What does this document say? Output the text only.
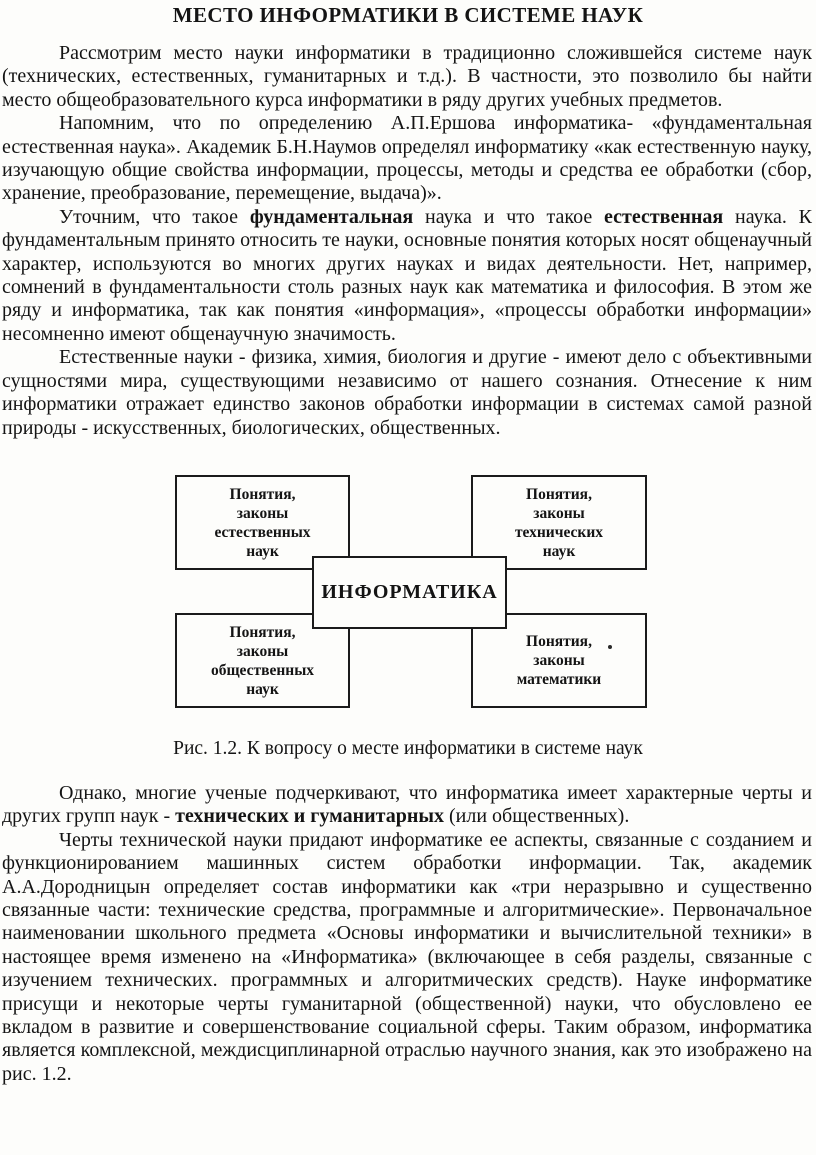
МЕСТО ИНФОРМАТИКИ В СИСТЕМЕ НАУК

Рассмотрим место науки информатики в традиционно сложившейся системе наук (технических, естественных, гуманитарных и т.д.). В частности, это позволило бы найти место общеобразовательного курса информатики в ряду других учебных предметов.

Напомним, что по определению А.П.Ершова информатика- «фундаментальная естественная наука». Академик Б.Н.Наумов определял информатику «как естественную науку, изучающую общие свойства информации, процессы, методы и средства ее обработки (сбор, хранение, преобразование, перемещение, выдача)».

Уточним, что такое фундаментальная наука и что такое естественная наука. К фундаментальным принято относить те науки, основные понятия которых носят общенаучный характер, используются во многих других науках и видах деятельности. Нет, например, сомнений в фундаментальности столь разных наук как математика и философия. В этом же ряду и информатика, так как понятия «информация», «процессы обработки информации» несомненно имеют общенаучную значимость.

Естественные науки - физика, химия, биология и другие - имеют дело с объективными сущностями мира, существующими независимо от нашего сознания. Отнесение к ним информатики отражает единство законов обработки информации в системах самой разной природы - искусственных, биологических, общественных.

Понятия,
законы
естественных
наук
Понятия,
законы
технических
наук
Понятия,
законы
общественных
наук
Понятия,
законы
математики
ИНФОРМАТИКА
Рис. 1.2. К вопросу о месте информатики в системе наук

Однако, многие ученые подчеркивают, что информатика имеет характерные черты и других групп наук - технических и гуманитарных (или общественных).

Черты технической науки придают информатике ее аспекты, связанные с созданием и функционированием машинных систем обработки информации. Так, академик А.А.Дородницын определяет состав информатики как «три неразрывно и существенно связанные части: технические средства, программные и алгоритмические». Первоначальное наименовании школьного предмета «Основы информатики и вычислительной техники» в настоящее время изменено на «Информатика» (включающее в себя разделы, связанные с изучением технических. программных и алгоритмических средств). Науке информатике присущи и некоторые черты гуманитарной (общественной) науки, что обусловлено ее вкладом в развитие и совершенствование социальной сферы. Таким образом, информатика является комплексной, междисциплинарной отраслью научного знания, как это изображено на рис. 1.2.
